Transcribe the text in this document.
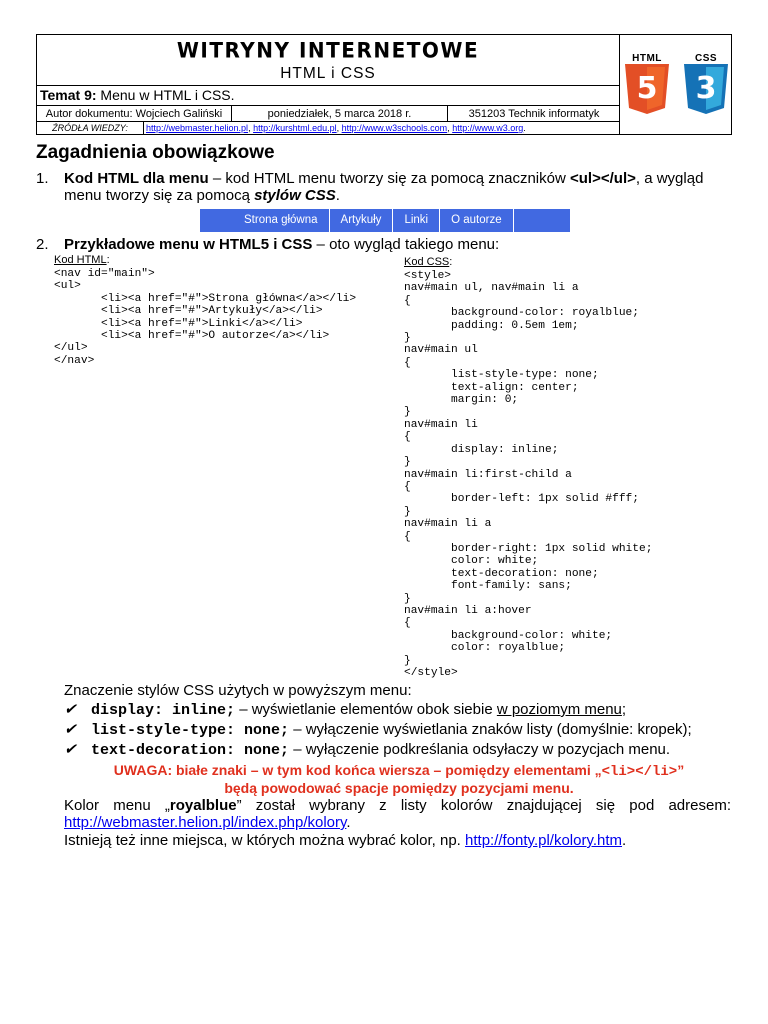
WITRYNY INTERNETOWE
HTML i CSS
Temat 9: Menu w HTML i CSS.
Autor dokumentu: Wojciech Galiński	poniedziałek, 5 marca 2018 r.	351203 Technik informatyk
ŹRÓDŁA WIEDZY:	http://webmaster.helion.pl, http://kurshtml.edu.pl, http://www.w3schools.com, http://www.w3.org.
HTML
5
CSS
3
Zagadnienia obowiązkowe
1. Kod HTML dla menu – kod HTML menu tworzy się za pomocą znaczników <ul></ul>, a wygląd
menu tworzy się za pomocą stylów CSS.
Strona główna	Artykuły	Linki	O autorze
2. Przykładowe menu w HTML5 i CSS – oto wygląd takiego menu:
Kod HTML:
<nav id="main">
<ul>
<li><a href="#">Strona główna</a></li>
<li><a href="#">Artykuły</a></li>
<li><a href="#">Linki</a></li>
<li><a href="#">O autorze</a></li>
</ul>
</nav>
Kod CSS:
<style>
nav#main ul, nav#main li a
{
background-color: royalblue;
padding: 0.5em 1em;
}
nav#main ul
{
list-style-type: none;
text-align: center;
margin: 0;
}
nav#main li
{
display: inline;
}
nav#main li:first-child a
{
border-left: 1px solid #fff;
}
nav#main li a
{
border-right: 1px solid white;
color: white;
text-decoration: none;
font-family: sans;
}
nav#main li a:hover
{
background-color: white;
color: royalblue;
}
</style>
Znaczenie stylów CSS użytych w powyższym menu:
✔ display: inline; – wyświetlanie elementów obok siebie w poziomym menu;
✔ list-style-type: none; – wyłączenie wyświetlania znaków listy (domyślnie: kropek);
✔ text-decoration: none; – wyłączenie podkreślania odsyłaczy w pozycjach menu.
UWAGA: białe znaki – w tym kod końca wiersza – pomiędzy elementami „<li></li>”
będą powodować spacje pomiędzy pozycjami menu.
Kolor menu „royalblue” został wybrany z listy kolorów znajdującej się pod adresem:
http://webmaster.helion.pl/index.php/kolory.
Istnieją też inne miejsca, w których można wybrać kolor, np. http://fonty.pl/kolory.htm.
